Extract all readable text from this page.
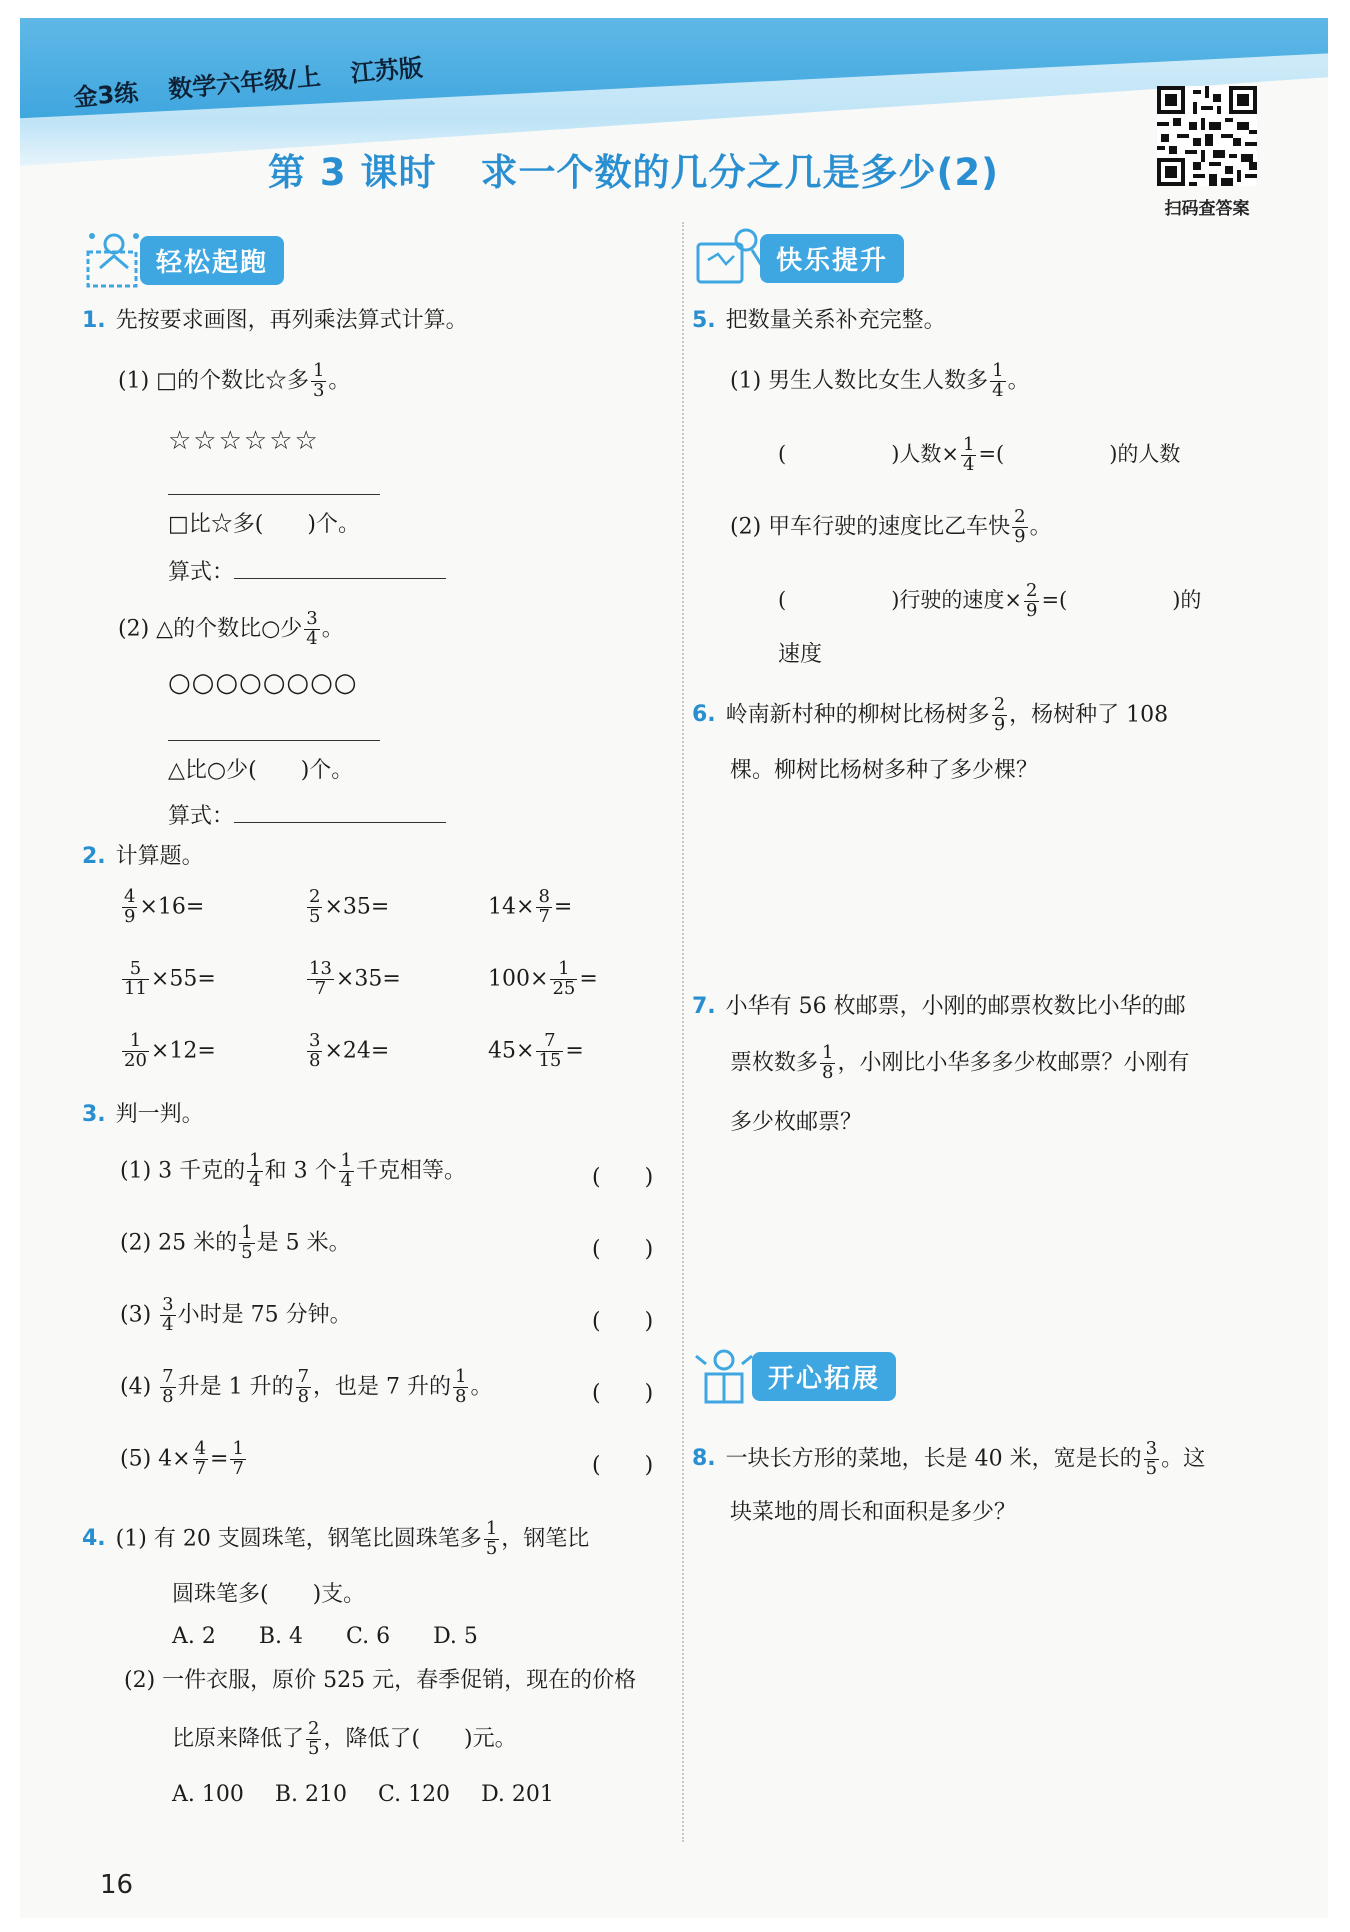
金3练 数学六年级/上 江苏版
第 3 课时 求一个数的几分之几是多少(2)
扫码查答案
轻松起跑
1. 先按要求画图，再列乘法算式计算。
(1) □的个数比☆多 $\frac{1}{3}$ 。
☆☆☆☆☆☆
□比☆多(　　)个。
算式：
(2) △的个数比○少 $\frac{3}{4}$ 。
○○○○○○○○
△比○少(　　)个。
算式：
2. 计算题。
$\frac{4}{9} \times 16=$	$\frac{2}{5} \times 35=$	$14\times \frac{8}{7}$ =
$\frac{5}{11} \times 55=$	$\frac{13}{7} \times 35=$	$100\times \frac{1}{25}$ =
$\frac{1}{20} \times 12=$	$\frac{3}{8} \times 24=$	$45\times \frac{7}{15}$ =
3. 判一判。
(1) 3 千克的 $\frac{1}{4}$ 和 3 个 $\frac{1}{4}$ 千克相等。	(　　)
(2) 25 米的 $\frac{1}{5}$ 是 5 米。	(　　)
$(3) \frac{3}{4}$ 小时是 75 分钟。	(　　)
$(4) \frac{7}{8}$ 升是 1 升的 $\frac{7}{8}$ ，也是 7 升的 $\frac{1}{8}$ 。	(　　)
(5) $4\times \frac{4}{7} = \frac{1}{7}$	(　　)
4. (1) 有 20 支圆珠笔，钢笔比圆珠笔多 $\frac{1}{5}$ ，钢笔比
圆珠笔多(　　)支。
A. 2 B. 4 C. 6 D. 5
(2) 一件衣服，原价 525 元，春季促销，现在的价格
比原来降低了 $\frac{2}{5}$ ，降低了(　　)元。
A. 100 B. 210 C. 120 D. 201
快乐提升
5. 把数量关系补充完整。
(1) 男生人数比女生人数多 $\frac{1}{4}$ 。
(　　　　　)人数× $\frac{1}{4}$ =(　　　　　)的人数
(2) 甲车行驶的速度比乙车快 $\frac{2}{9}$ 。
(　　　　　)行驶的速度× $\frac{2}{9}$ =(　　　　　)的
速度
6. 岭南新村种的柳树比杨树多 $\frac{2}{9}$ ，杨树种了 108
棵。柳树比杨树多种了多少棵？
7. 小华有 56 枚邮票，小刚的邮票枚数比小华的邮
票枚数多 $\frac{1}{8}$ ，小刚比小华多多少枚邮票？小刚有
多少枚邮票？
开心拓展
8. 一块长方形的菜地，长是 40 米，宽是长的 $\frac{3}{5}$ 。这
块菜地的周长和面积是多少？
16
